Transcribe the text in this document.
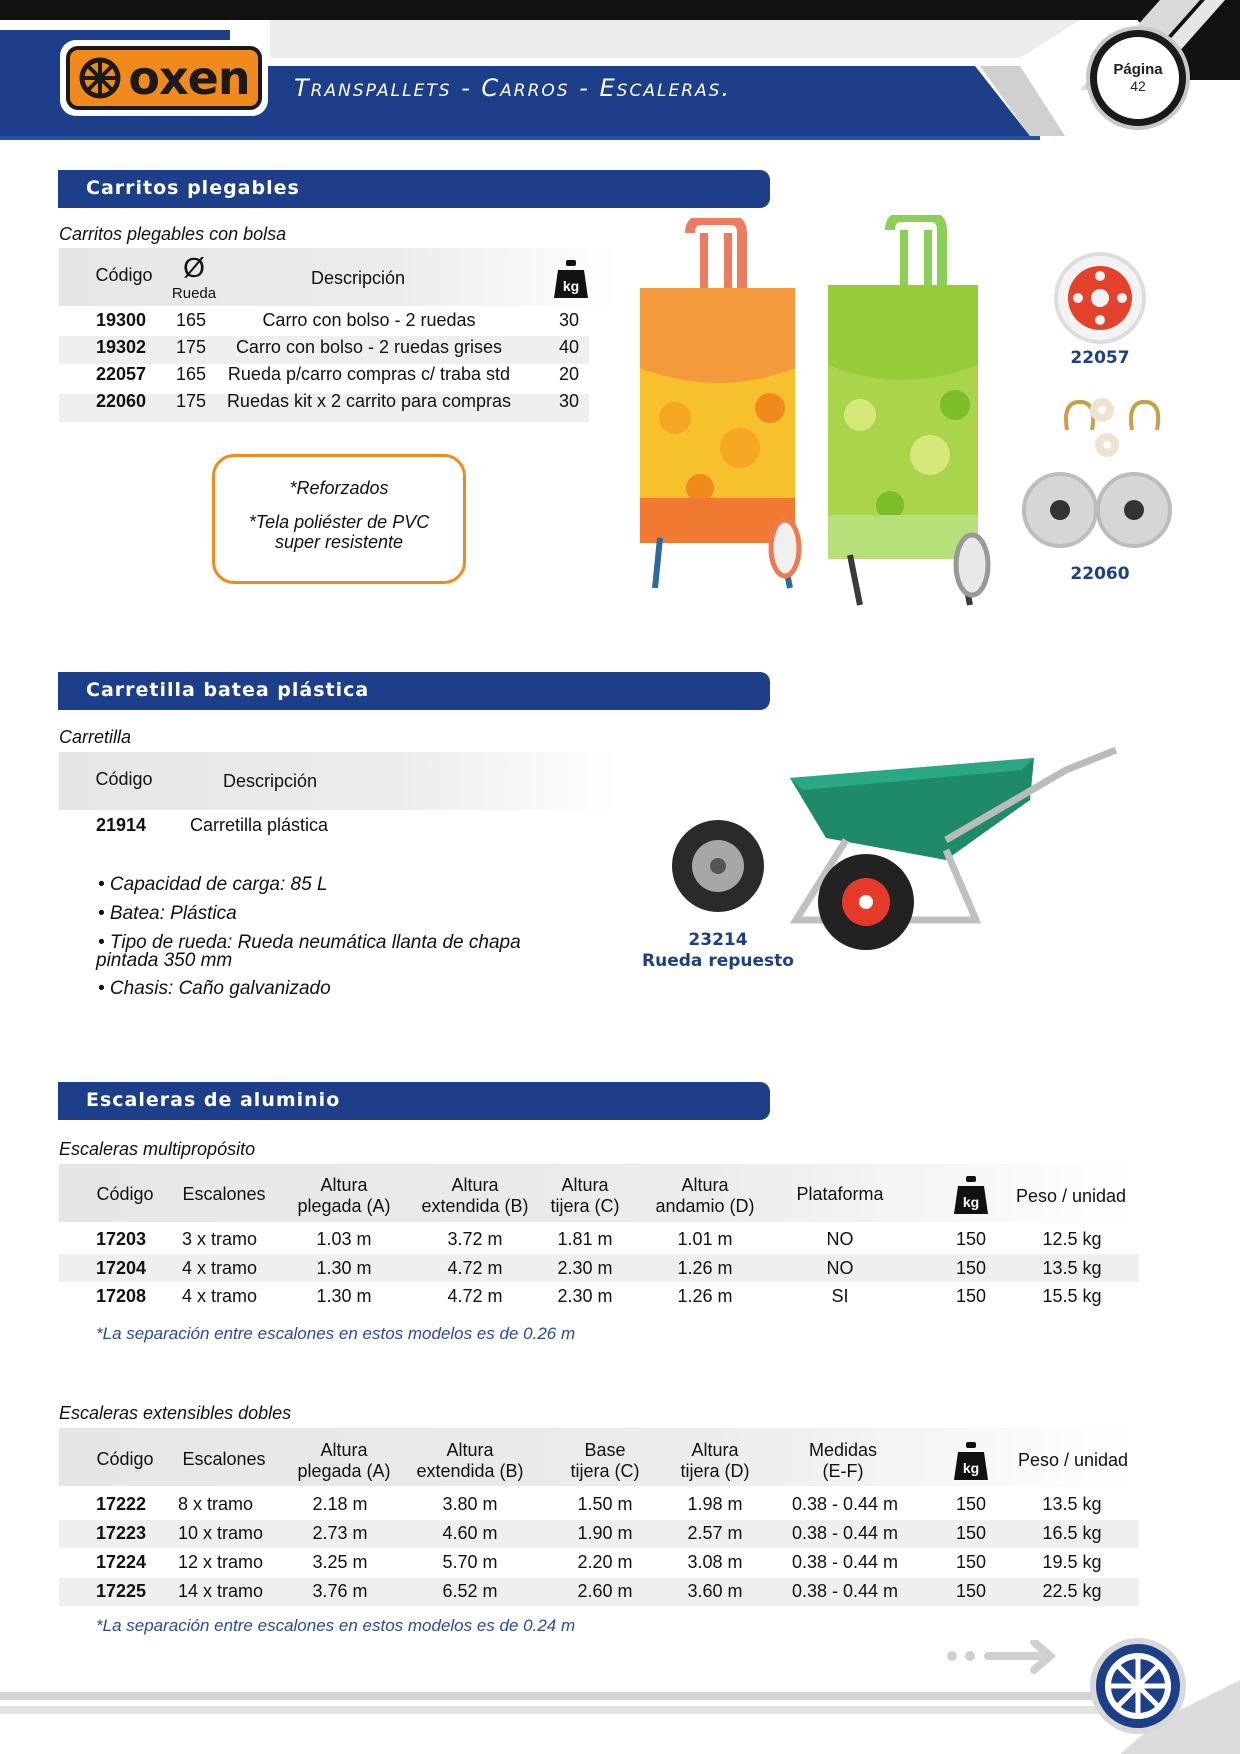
oxen Transpallets - Carros - Escaleras.
Página
42
Carritos plegables
Carritos plegables con bolsa
Código	Ø
Rueda
Descripción	kg
19300 165	Carro con bolso - 2 ruedas	30
19302 175	Carro con bolso - 2 ruedas grises	40
22057 165 Rueda p/carro compras c/ traba std	20
22060 175 Ruedas kit x 2 carrito para compras	30
*Reforzados
*Tela poliéster de PVC
super resistente
22057
22060
Carretilla batea plástica
Carretilla
Código	Descripción
21914 Carretilla plástica
• Capacidad de carga: 85 L
• Batea: Plástica
• Tipo de rueda: Rueda neumática llanta de chapa
pintada 350 mm
• Chasis: Caño galvanizado
23214
Rueda repuesto
Escaleras de aluminio
Escaleras multipropósito
Código	Escalones	Altura
plegada (A)
Altura
extendida (B)
Altura
tijera (C)
Altura
andamio (D)
Plataforma	kg	Peso / unidad
17203 3 x tramo	1.03 m	3.72 m	1.81 m	1.01 m	NO	150	12.5 kg
17204 4 x tramo	1.30 m	4.72 m	2.30 m	1.26 m	NO	150	13.5 kg
17208 4 x tramo	1.30 m	4.72 m	2.30 m	1.26 m	SI	150	15.5 kg
*La separación entre escalones en estos modelos es de 0.26 m
Escaleras extensibles dobles
Código	Escalones	Altura
plegada (A)
Altura
extendida (B)
Base
tijera (C)
Altura
tijera (D)
Medidas
(E-F)	kg	Peso / unidad
17222 8 x tramo	2.18 m	3.80 m	1.50 m	1.98 m	0.38 - 0.44 m	150	13.5 kg
17223 10 x tramo	2.73 m	4.60 m	1.90 m	2.57 m	0.38 - 0.44 m	150	16.5 kg
17224 12 x tramo	3.25 m	5.70 m	2.20 m	3.08 m	0.38 - 0.44 m	150	19.5 kg
17225 14 x tramo	3.76 m	6.52 m	2.60 m	3.60 m	0.38 - 0.44 m	150	22.5 kg
*La separación entre escalones en estos modelos es de 0.24 m
